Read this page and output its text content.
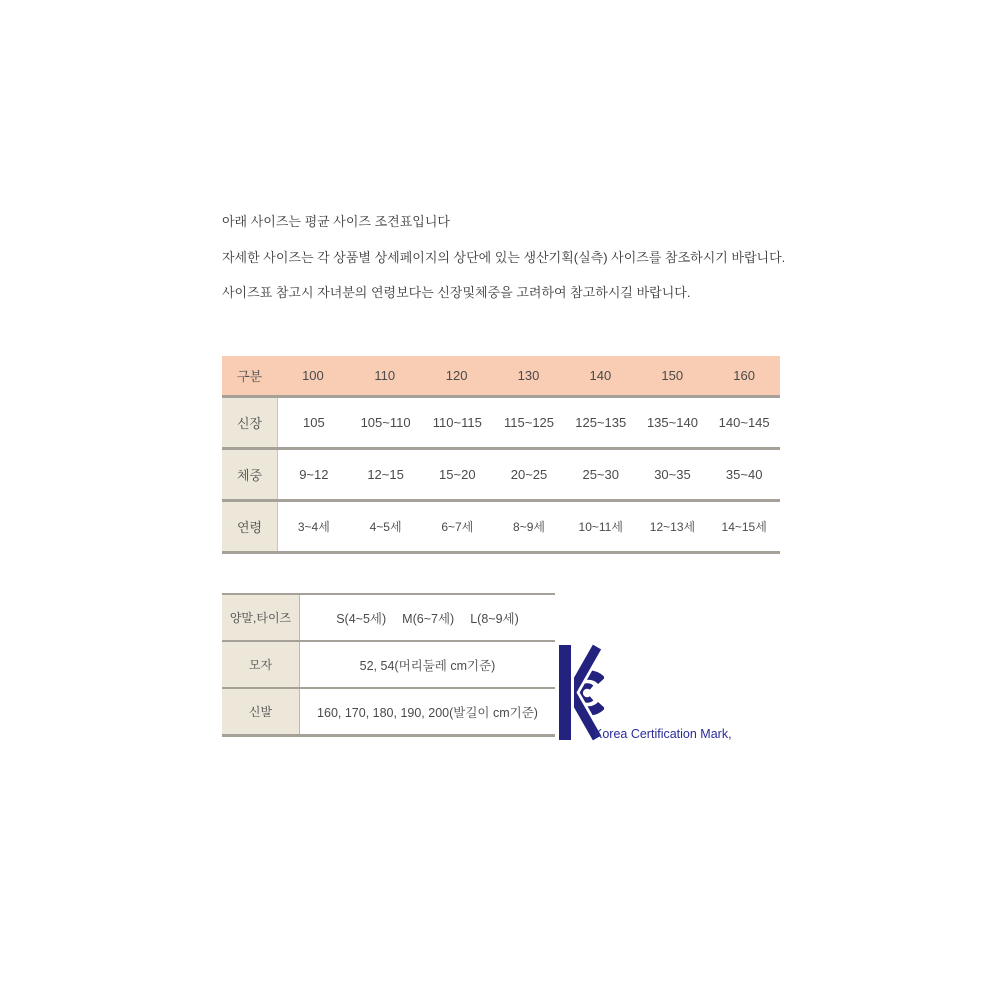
아래 사이즈는 평균 사이즈 조견표입니다
자세한 사이즈는 각 상품별 상세페이지의 상단에 있는 생산기획(실측) 사이즈를 참조하시기 바랍니다.
사이즈표 참고시 자녀분의 연령보다는 신장및체중을 고려하여 참고하시길 바랍니다.
구분	100	110	120	130	140	150	160
신장	105	105~110	110~115	115~125	125~135	135~140	140~145
체중	9~12	12~15	15~20	20~25	25~30	30~35	35~40
연령	3~4세	4~5세	6~7세	8~9세	10~11세	12~13세	14~15세
양말,타이즈	S(4~5세) M(6~7세) L(8~9세)
모자	52, 54(머리둘레 cm기준)
신발	160, 170, 180, 190, 200(발길이 cm기준)
Korea Certification Mark,
